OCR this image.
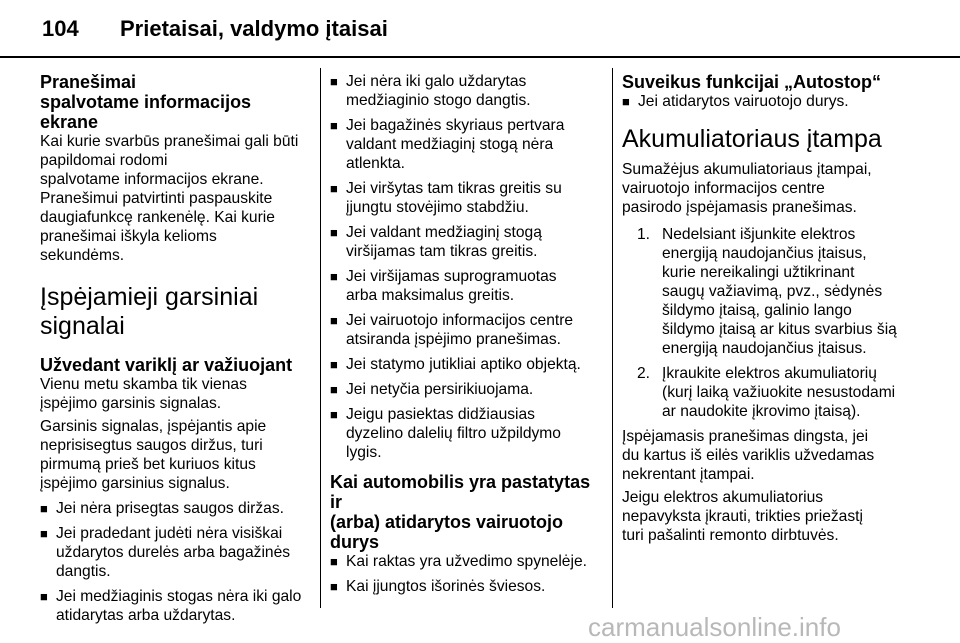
104 Prietaisai, valdymo įtaisai
Pranešimai
spalvotame informacijos ekrane

Kai kurie svarbūs pranešimai gali būti
papildomai rodomi
spalvotame informacijos ekrane.
Pranešimui patvirtinti paspauskite
daugiafunkcę rankenėlę. Kai kurie
pranešimai iškyla kelioms
sekundėms.

Įspėjamieji garsiniai
signalai
Užvedant variklį ar važiuojant

Vienu metu skamba tik vienas
įspėjimo garsinis signalas.

Garsinis signalas, įspėjantis apie
neprisisegtus saugos diržus, turi
pirmumą prieš bet kuriuos kitus
įspėjimo garsinius signalus.

■ Jei nėra prisegtas saugos diržas.
■ Jei pradedant judėti nėra visiškai
uždarytos durelės arba bagažinės
dangtis.
■ Jei medžiaginis stogas nėra iki galo
atidarytas arba uždarytas.
■ Jei nėra iki galo uždarytas
medžiaginio stogo dangtis.
■ Jei bagažinės skyriaus pertvara
valdant medžiaginį stogą nėra
atlenkta.
■ Jei viršytas tam tikras greitis su
įjungtu stovėjimo stabdžiu.
■ Jei valdant medžiaginį stogą
viršijamas tam tikras greitis.
■ Jei viršijamas suprogramuotas
arba maksimalus greitis.
■ Jei vairuotojo informacijos centre
atsiranda įspėjimo pranešimas.
■ Jei statymo jutikliai aptiko objektą.
■ Jei netyčia persirikiuojama.
■ Jeigu pasiektas didžiausias
dyzelino dalelių filtro užpildymo
lygis.
Kai automobilis yra pastatytas ir
(arba) atidarytos vairuotojo
durys
■ Kai raktas yra užvedimo spynelėje.
■ Kai įjungtos išorinės šviesos.
Suveikus funkcijai „Autostop“
■ Jei atidarytos vairuotojo durys.
Akumuliatoriaus įtampa

Sumažėjus akumuliatoriaus įtampai,
vairuotojo informacijos centre
pasirodo įspėjamasis pranešimas.

1. Nedelsiant išjunkite elektros
energiją naudojančius įtaisus,
kurie nereikalingi užtikrinant
saugų važiavimą, pvz., sėdynės
šildymo įtaisą, galinio lango
šildymo įtaisą ar kitus svarbius šią
energiją naudojančius įtaisus.
2. Įkraukite elektros akumuliatorių
(kurį laiką važiuokite nesustodami
ar naudokite įkrovimo įtaisą).

Įspėjamasis pranešimas dingsta, jei
du kartus iš eilės variklis užvedamas
nekrentant įtampai.

Jeigu elektros akumuliatorius
nepavyksta įkrauti, trikties priežastį
turi pašalinti remonto dirbtuvės.

carmanualsonline.info
